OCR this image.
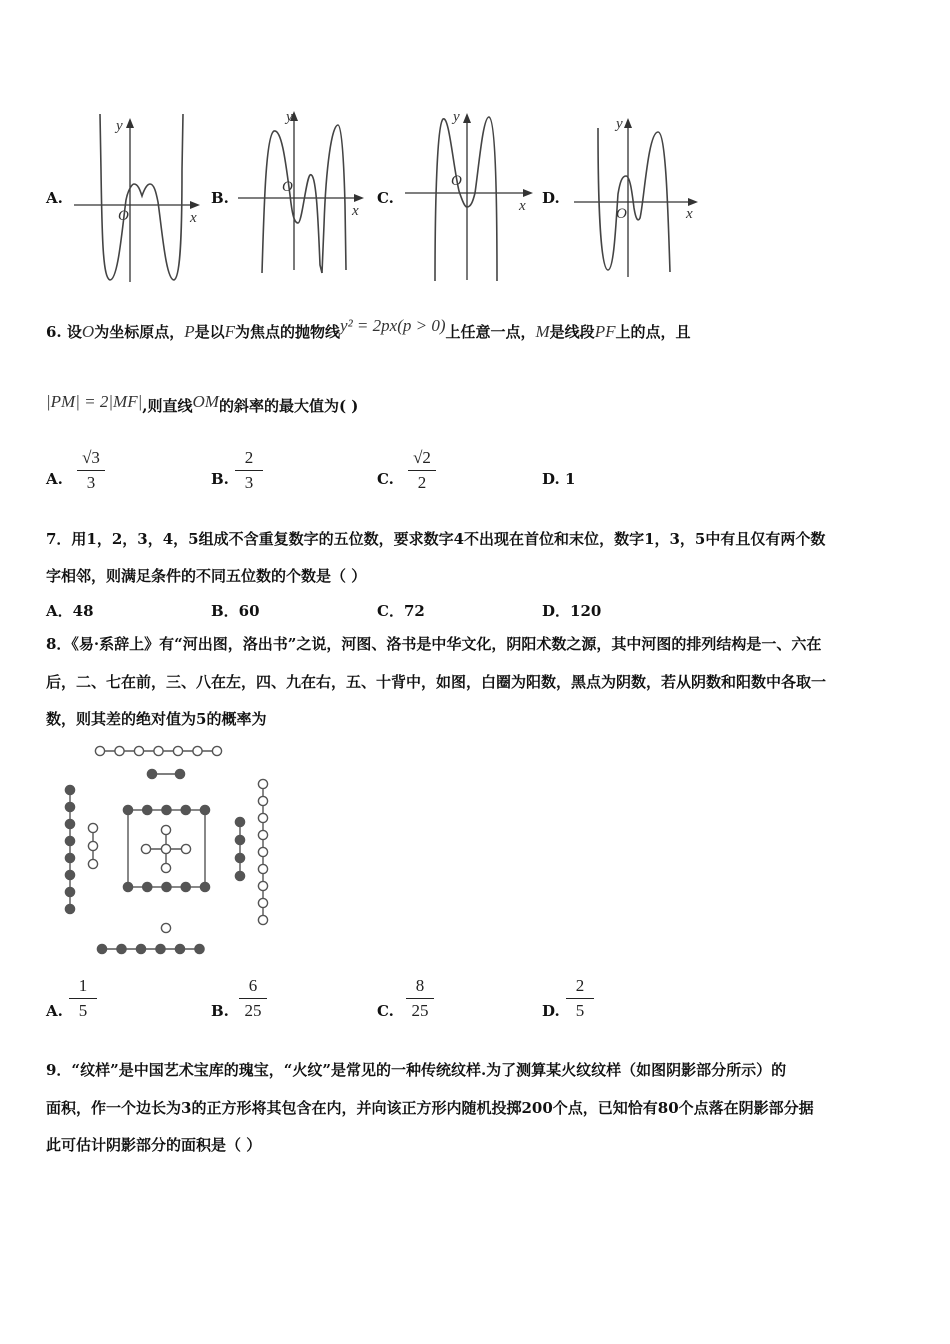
A.	B.	C.	D.
y
x
O
y
x
O
y
x
O
y
x
O
6. 设O为坐标原点，P是以F为焦点的抛物线y² = 2px(p > 0)上任意一点，M是线段PF上的点，且
|PM| = 2|MF|,则直线OM的斜率的最大值为( )
A.
√3
3	B.
2
3	C.
√2
2	D. 1
7．用1，2，3，4，5组成不含重复数字的五位数，要求数字4不出现在首位和末位，数字1，3，5中有且仅有两个数
字相邻，则满足条件的不同五位数的个数是（ ）
A．48	B．60	C．72	D．120
8．《易·系辞上》有“河出图，洛出书”之说，河图、洛书是中华文化，阴阳术数之源，其中河图的排列结构是一、六在
后，二、七在前，三、八在左，四、九在右，五、十背中，如图，白圈为阳数，黑点为阴数，若从阴数和阳数中各取一
数，则其差的绝对值为5的概率为
A.
1
5	B.
6
25	C.
8
25	D.
2
5
9．“纹样”是中国艺术宝库的瑰宝，“火纹”是常见的一种传统纹样.为了测算某火纹纹样（如图阴影部分所示）的
面积，作一个边长为3的正方形将其包含在内，并向该正方形内随机投掷200个点，已知恰有80个点落在阴影部分据
此可估计阴影部分的面积是（ ）
